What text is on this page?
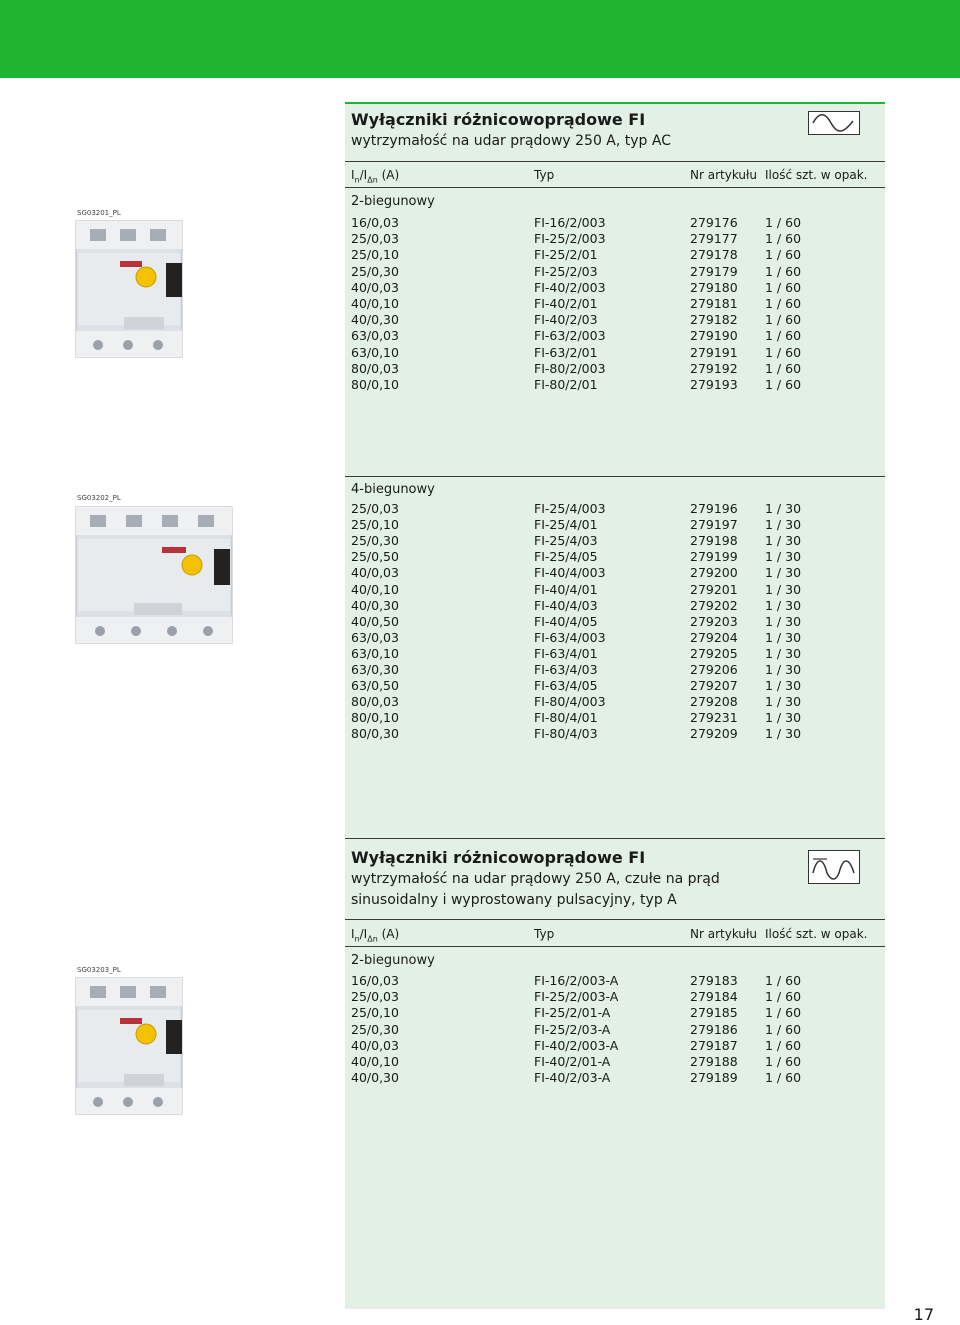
Wyłączniki różnicowoprądowe FI
wytrzymałość na udar prądowy 250 A, typ AC
$I_n/I_{\Delta n}$ (A)	Typ	Nr artykułu Ilość szt. w opak.
2-biegunowy
16/0,03	FI-16/2/003	279176 1 / 60
25/0,03	FI-25/2/003	279177 1 / 60
25/0,10	FI-25/2/01	279178 1 / 60
25/0,30	FI-25/2/03	279179 1 / 60
40/0,03	FI-40/2/003	279180 1 / 60
40/0,10	FI-40/2/01	279181 1 / 60
40/0,30	FI-40/2/03	279182 1 / 60
63/0,03	FI-63/2/003	279190 1 / 60
63/0,10	FI-63/2/01	279191 1 / 60
80/0,03	FI-80/2/003	279192 1 / 60
80/0,10	FI-80/2/01	279193 1 / 60
SG03201_PL
4-biegunowy
25/0,03	FI-25/4/003	279196 1 / 30
25/0,10	FI-25/4/01	279197 1 / 30
25/0,30	FI-25/4/03	279198 1 / 30
25/0,50	FI-25/4/05	279199 1 / 30
40/0,03	FI-40/4/003	279200 1 / 30
40/0,10	FI-40/4/01	279201 1 / 30
40/0,30	FI-40/4/03	279202 1 / 30
40/0,50	FI-40/4/05	279203 1 / 30
63/0,03	FI-63/4/003	279204 1 / 30
63/0,10	FI-63/4/01	279205 1 / 30
63/0,30	FI-63/4/03	279206 1 / 30
63/0,50	FI-63/4/05	279207 1 / 30
80/0,03	FI-80/4/003	279208 1 / 30
80/0,10	FI-80/4/01	279231 1 / 30
80/0,30	FI-80/4/03	279209 1 / 30
SG03202_PL
Wyłączniki różnicowoprądowe FI
wytrzymałość na udar prądowy 250 A, czułe na prąd
sinusoidalny i wyprostowany pulsacyjny, typ A
$I_n/I_{\Delta n}$ (A)	Typ	Nr artykułu Ilość szt. w opak.
2-biegunowy
16/0,03	FI-16/2/003-A	279183 1 / 60
25/0,03	FI-25/2/003-A	279184 1 / 60
25/0,10	FI-25/2/01-A	279185 1 / 60
25/0,30	FI-25/2/03-A	279186 1 / 60
40/0,03	FI-40/2/003-A	279187 1 / 60
40/0,10	FI-40/2/01-A	279188 1 / 60
40/0,30	FI-40/2/03-A	279189 1 / 60
SG03203_PL
17
